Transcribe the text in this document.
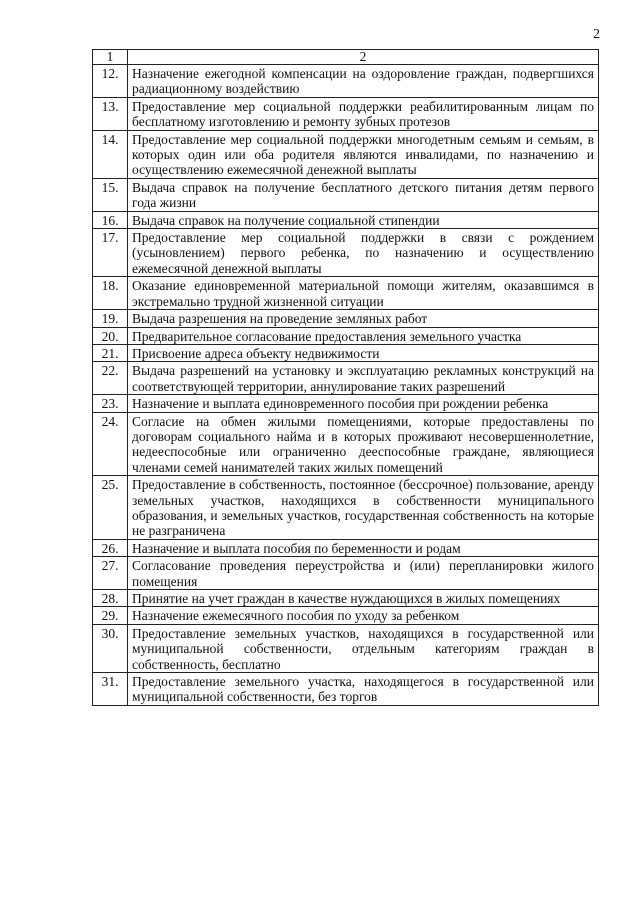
2
1	2
12.	Назначение ежегодной компенсации на оздоровление граждан, подвергшихся радиационному воздействию
13.	Предоставление мер социальной поддержки реабилитированным лицам по бесплатному изготовлению и ремонту зубных протезов
14.	Предоставление мер социальной поддержки многодетным семьям и семьям, в которых один или оба родителя являются инвалидами, по назначению и осуществлению ежемесячной денежной выплаты
15.	Выдача справок на получение бесплатного детского питания детям первого года жизни
16.	Выдача справок на получение социальной стипендии
17.	Предоставление мер социальной поддержки в связи с рождением (усыновлением) первого ребенка, по назначению и осуществлению ежемесячной денежной выплаты
18.	Оказание единовременной материальной помощи жителям, оказавшимся в экстремально трудной жизненной ситуации
19.	Выдача разрешения на проведение земляных работ
20.	Предварительное согласование предоставления земельного участка
21.	Присвоение адреса объекту недвижимости
22.	Выдача разрешений на установку и эксплуатацию рекламных конструкций на соответствующей территории, аннулирование таких разрешений
23.	Назначение и выплата единовременного пособия при рождении ребенка
24.	Согласие на обмен жилыми помещениями, которые предоставлены по договорам социального найма и в которых проживают несовершеннолетние, недееспособные или ограниченно дееспособные граждане, являющиеся членами семей нанимателей таких жилых помещений
25.	Предоставление в собственность, постоянное (бессрочное) пользование, аренду земельных участков, находящихся в собственности муниципального образования, и земельных участков, государственная собственность на которые не разграничена
26.	Назначение и выплата пособия по беременности и родам
27.	Согласование проведения переустройства и (или) перепланировки жилого помещения
28.	Принятие на учет граждан в качестве нуждающихся в жилых помещениях
29.	Назначение ежемесячного пособия по уходу за ребенком
30.	Предоставление земельных участков, находящихся в государственной или муниципальной собственности, отдельным категориям граждан в собственность, бесплатно
31.	Предоставление земельного участка, находящегося в государственной или муниципальной собственности, без торгов
